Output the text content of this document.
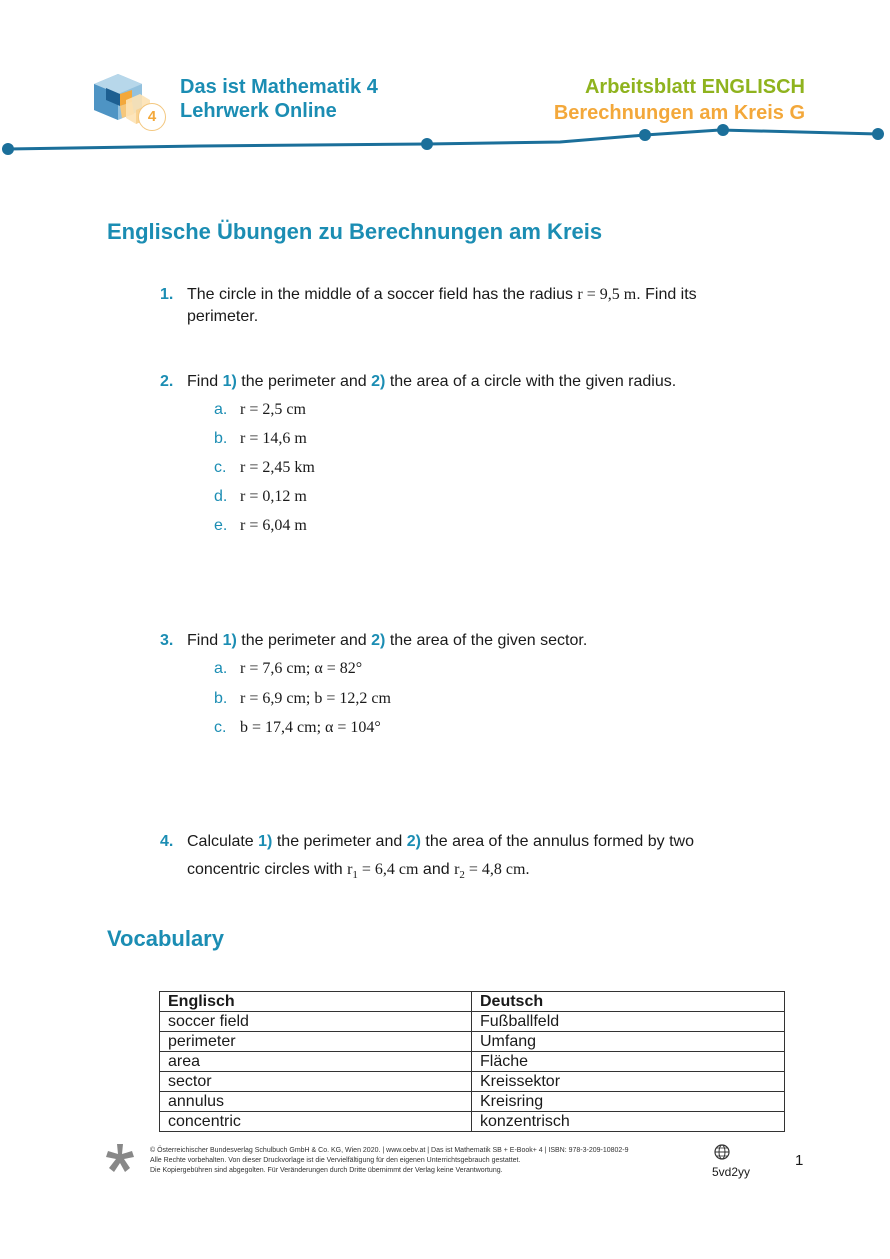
4
Das ist Mathematik 4
Lehrwerk Online
Arbeitsblatt ENGLISCH
Berechnungen am Kreis G
Englische Übungen zu Berechnungen am Kreis
1. The circle in the middle of a soccer field has the radius r = 9,5 m. Find its
perimeter.
2. Find 1) the perimeter and 2) the area of a circle with the given radius.
a. r = 2,5 cm
b. r = 14,6 m
c. r = 2,45 km
d. r = 0,12 m
e. r = 6,04 m
3. Find 1) the perimeter and 2) the area of the given sector.
a. r = 7,6 cm; α = 82°
b. r = 6,9 cm; b = 12,2 cm
c. b = 17,4 cm; α = 104°
4. Calculate 1) the perimeter and 2) the area of the annulus formed by two
concentric circles with $r_1 = 6,4$ cm and $r_2 = 4,8$ cm.
Vocabulary
Englisch	Deutsch
soccer field	Fußballfeld
perimeter	Umfang
area	Fläche
sector	Kreissektor
annulus	Kreisring
concentric	konzentrisch
© Österreichischer Bundesverlag Schulbuch GmbH & Co. KG, Wien 2020. | www.oebv.at | Das ist Mathematik SB + E-Book+ 4 | ISBN: 978-3-209-10802-9
Alle Rechte vorbehalten. Von dieser Druckvorlage ist die Vervielfältigung für den eigenen Unterrichtsgebrauch gestattet.
Die Kopiergebühren sind abgegolten. Für Veränderungen durch Dritte übernimmt der Verlag keine Verantwortung.	5vd2yy
1
